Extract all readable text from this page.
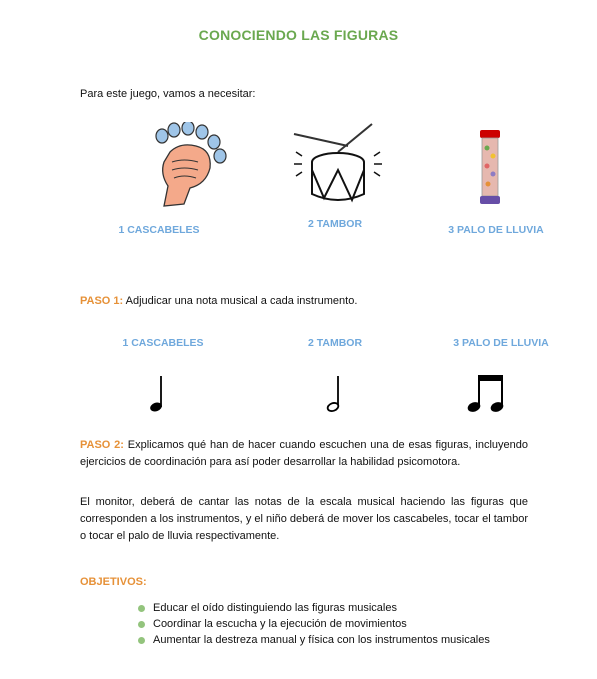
CONOCIENDO LAS FIGURAS
Para este juego, vamos a necesitar:
1 CASCABELES	2 TAMBOR	3 PALO DE LLUVIA
PASO 1: Adjudicar una nota musical a cada instrumento.
1 CASCABELES	2 TAMBOR	3 PALO DE LLUVIA
PASO 2: Explicamos qué han de hacer cuando escuchen una de esas figuras, incluyendo ejercicios de coordinación para así poder desarrollar la habilidad psicomotora.
El monitor, deberá de cantar las notas de la escala musical haciendo las figuras que corresponden a los instrumentos, y el niño deberá de mover los cascabeles, tocar el tambor o tocar el palo de lluvia respectivamente.
OBJETIVOS:
Educar el oído distinguiendo las figuras musicales
Coordinar la escucha y la ejecución de movimientos
Aumentar la destreza manual y física con los instrumentos musicales
